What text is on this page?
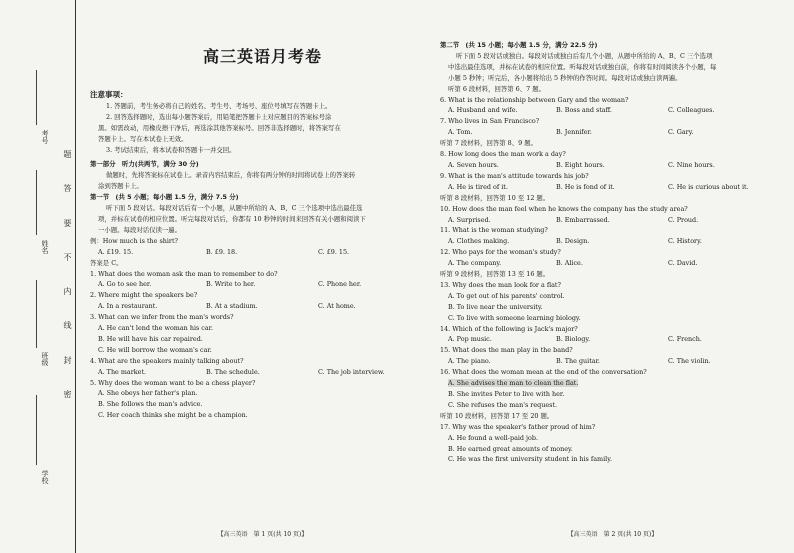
考号
姓名
班级
学校
题
答
要
不
内
线
封
密
高三英语月考卷
注意事项：
1. 答题前，考生务必将自己的姓名、考生号、考场号、座位号填写在答题卡上。
2. 回答选择题时，选出每小题答案后，用铅笔把答题卡上对应题目的答案标号涂
黑。如需改动，用橡皮擦干净后，再选涂其他答案标号。回答非选择题时，将答案写在
答题卡上。写在本试卷上无效。
3. 考试结束后，将本试卷和答题卡一并交回。
第一部分　听力(共两节，满分 30 分)
做题时，先将答案标在试卷上。录音内容结束后，你将有两分钟的时间将试卷上的答案转
涂到答题卡上。
第一节　(共 5 小题；每小题 1.5 分，满分 7.5 分)
听下面 5 段对话。每段对话后有一个小题，从题中所给的 A、B、C 三个选项中选出最佳选
项，并标在试卷的相应位置。听完每段对话后，你都有 10 秒钟的时间来回答有关小题和阅读下
一小题。每段对话仅读一遍。
例：How much is the shirt?
A. £19. 15.	B. £9. 18.	C. £9. 15.
答案是 C。
1. What does the woman ask the man to remember to do?
A. Go to see her.	B. Write to her.	C. Phone her.
2. Where might the speakers be?
A. In a restaurant.	B. At a stadium.	C. At home.
3. What can we infer from the man's words?
A. He can't lend the woman his car.
B. He will have his car repaired.
C. He will borrow the woman's car.
4. What are the speakers mainly talking about?
A. The market.	B. The schedule.	C. The job interview.
5. Why does the woman want to be a chess player?
A. She obeys her father's plan.
B. She follows the man's advice.
C. Her coach thinks she might be a champion.
【高三英语　第 1 页(共 10 页)】
第二节　(共 15 小题；每小题 1.5 分，满分 22.5 分)
听下面 5 段对话或独白。每段对话或独白后有几个小题，从题中所给的 A、B、C 三个选项
中选出最佳选项，并标在试卷的相应位置。听每段对话或独白前，你将有时间阅读各个小题，每
小题 5 秒钟；听完后，各小题将给出 5 秒钟的作答时间。每段对话或独白读两遍。
听第 6 段材料，回答第 6、7 题。
6. What is the relationship between Gary and the woman?
A. Husband and wife.	B. Boss and staff.	C. Colleagues.
7. Who lives in San Francisco?
A. Tom.	B. Jennifer.	C. Gary.
听第 7 段材料，回答第 8、9 题。
8. How long does the man work a day?
A. Seven hours.	B. Eight hours.	C. Nine hours.
9. What is the man's attitude towards his job?
A. He is tired of it.	B. He is fond of it.	C. He is curious about it.
听第 8 段材料，回答第 10 至 12 题。
10. How does the man feel when he knows the company has the study area?
A. Surprised.	B. Embarrassed.	C. Proud.
11. What is the woman studying?
A. Clothes making.	B. Design.	C. History.
12. Who pays for the woman's study?
A. The company.	B. Alice.	C. David.
听第 9 段材料，回答第 13 至 16 题。
13. Why does the man look for a flat?
A. To get out of his parents' control.
B. To live near the university.
C. To live with someone learning biology.
14. Which of the following is Jack's major?
A. Pop music.	B. Biology.	C. French.
15. What does the man play in the band?
A. The piano.	B. The guitar.	C. The violin.
16. What does the woman mean at the end of the conversation?
A. She advises the man to clean the flat.
B. She invites Peter to live with her.
C. She refuses the man's request.
听第 10 段材料，回答第 17 至 20 题。
17. Why was the speaker's father proud of him?
A. He found a well-paid job.
B. He earned great amounts of money.
C. He was the first university student in his family.
【高三英语　第 2 页(共 10 页)】
